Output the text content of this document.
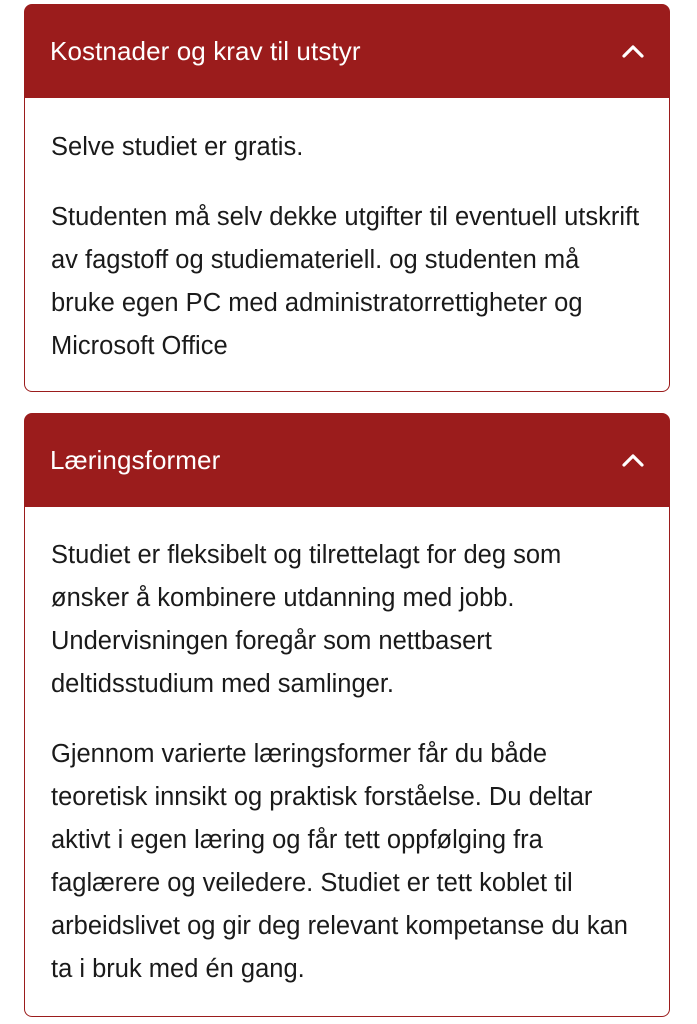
Kostnader og krav til utstyr

Selve studiet er gratis.

Studenten må selv dekke utgifter til eventuell utskrift av fagstoff og studiemateriell. og studenten må bruke egen PC med administratorrettigheter og Microsoft Office

Læringsformer

Studiet er fleksibelt og tilrettelagt for deg som ønsker å kombinere utdanning med jobb. Undervisningen foregår som nettbasert deltidsstudium med samlinger.

Gjennom varierte læringsformer får du både teoretisk innsikt og praktisk forståelse. Du deltar aktivt i egen læring og får tett oppfølging fra faglærere og veiledere. Studiet er tett koblet til arbeidslivet og gir deg relevant kompetanse du kan ta i bruk med én gang.
